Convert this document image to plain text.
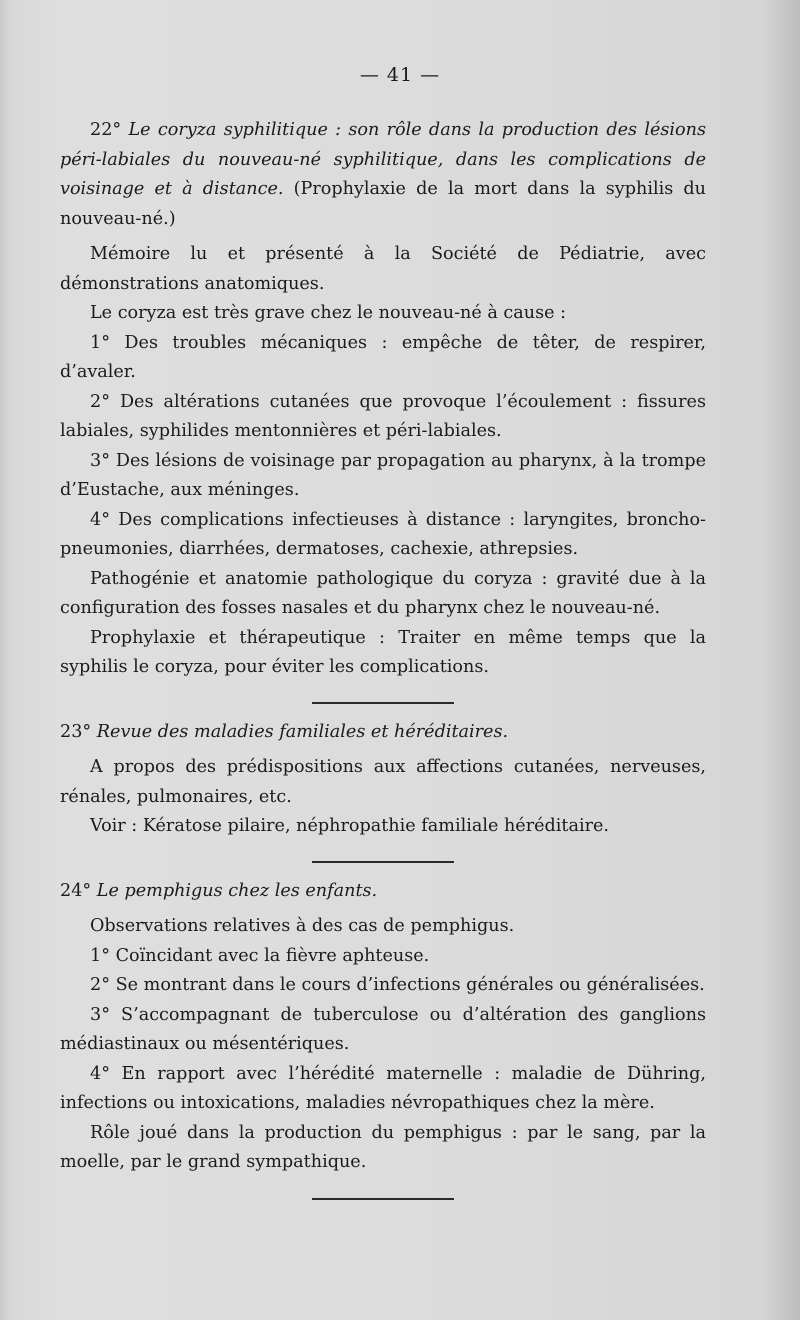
— 41 —

22° Le coryza syphilitique : son rôle dans la production des lésions péri-labiales du nouveau-né syphilitique, dans les complications de voisinage et à distance. (Prophylaxie de la mort dans la syphilis du nouveau-né.)

Mémoire lu et présenté à la Société de Pédiatrie, avec démonstrations anatomiques.

Le coryza est très grave chez le nouveau-né à cause :

1° Des troubles mécaniques : empêche de têter, de respirer, d’avaler.

2° Des altérations cutanées que provoque l’écoulement : fissures labiales, syphilides mentonnières et péri-labiales.

3° Des lésions de voisinage par propagation au pharynx, à la trompe d’Eustache, aux méninges.

4° Des complications infectieuses à distance : laryngites, broncho-pneumonies, diarrhées, dermatoses, cachexie, athrepsies.

Pathogénie et anatomie pathologique du coryza : gravité due à la configuration des fosses nasales et du pharynx chez le nouveau-né.

Prophylaxie et thérapeutique : Traiter en même temps que la syphilis le coryza, pour éviter les complications.

23° Revue des maladies familiales et héréditaires.

A propos des prédispositions aux affections cutanées, nerveuses, rénales, pulmonaires, etc.

Voir : Kératose pilaire, néphropathie familiale héréditaire.

24° Le pemphigus chez les enfants.

Observations relatives à des cas de pemphigus.

1° Coïncidant avec la fièvre aphteuse.

2° Se montrant dans le cours d’infections générales ou généralisées.

3° S’accompagnant de tuberculose ou d’altération des ganglions médiastinaux ou mésentériques.

4° En rapport avec l’hérédité maternelle : maladie de Dühring, infections ou intoxications, maladies névropathiques chez la mère.

Rôle joué dans la production du pemphigus : par le sang, par la moelle, par le grand sympathique.
